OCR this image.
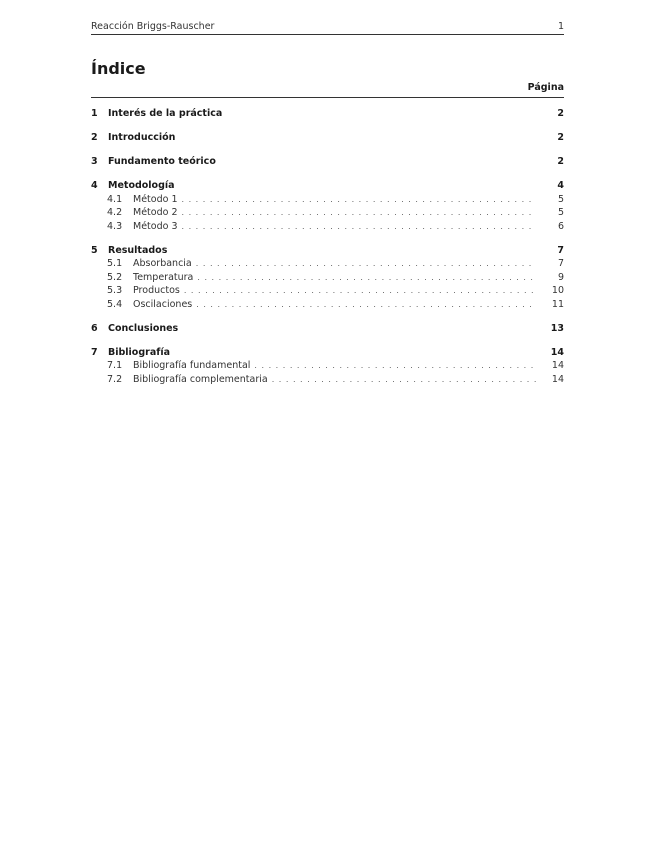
Reacción Briggs-Rauscher	1
Índice
Página
1	Interés de la práctica	2
2	Introducción	2
3	Fundamento teórico	2
4	Metodología	4
4.1	Método 1 . . .	5
4.2	Método 2 . . .	5
4.3	Método 3 . . .	6
5	Resultados	7
5.1	Absorbancia . . .	7
5.2	Temperatura . . .	9
5.3	Productos . . .	10
5.4	Oscilaciones . . .	11
6	Conclusiones	13
7	Bibliografía	14
7.1	Bibliografía fundamental . . .	14
7.2	Bibliografía complementaria . . .	14
